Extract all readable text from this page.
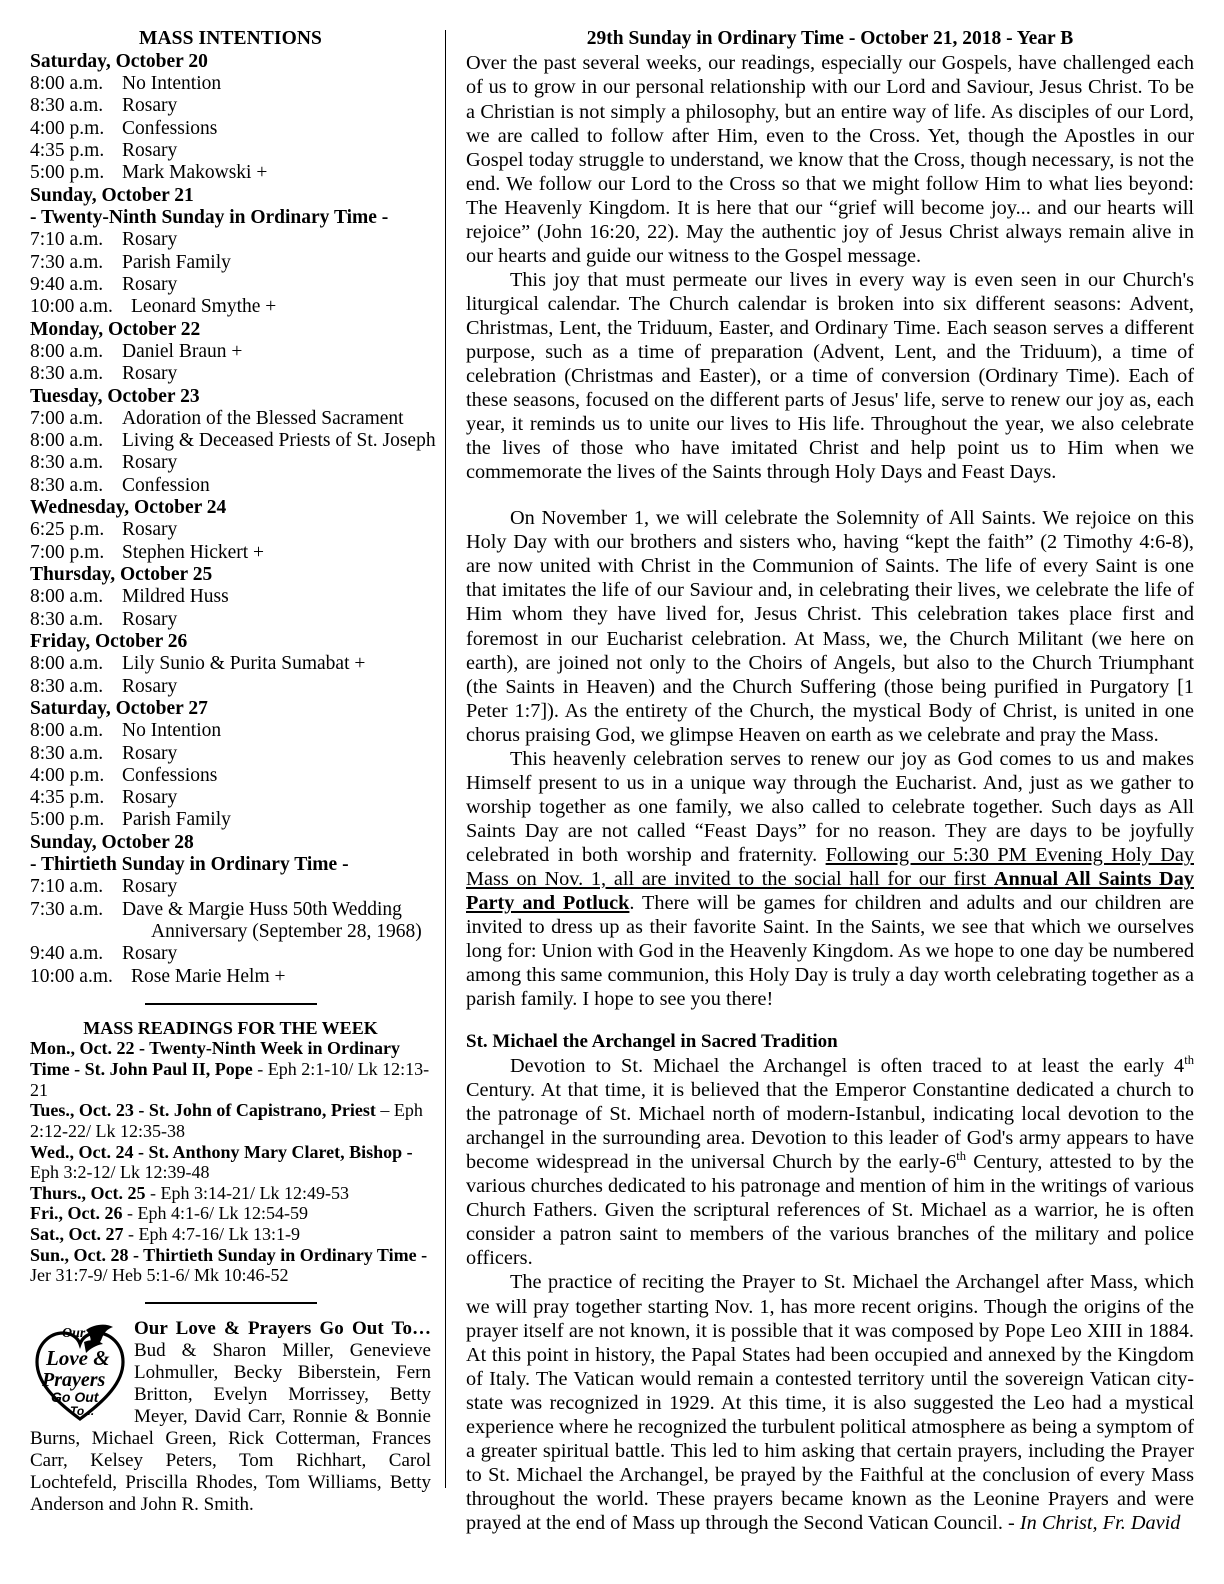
MASS INTENTIONS
Saturday, October 20
8:00 a.m. No Intention
8:30 a.m. Rosary
4:00 p.m. Confessions
4:35 p.m. Rosary
5:00 p.m. Mark Makowski +
Sunday, October 21
- Twenty-Ninth Sunday in Ordinary Time -
7:10 a.m. Rosary
7:30 a.m. Parish Family
9:40 a.m. Rosary
10:00 a.m. Leonard Smythe +
Monday, October 22
8:00 a.m. Daniel Braun +
8:30 a.m. Rosary
Tuesday, October 23
7:00 a.m. Adoration of the Blessed Sacrament
8:00 a.m. Living & Deceased Priests of St. Joseph
8:30 a.m. Rosary
8:30 a.m. Confession
Wednesday, October 24
6:25 p.m. Rosary
7:00 p.m. Stephen Hickert +
Thursday, October 25
8:00 a.m. Mildred Huss
8:30 a.m. Rosary
Friday, October 26
8:00 a.m. Lily Sunio & Purita Sumabat +
8:30 a.m. Rosary
Saturday, October 27
8:00 a.m. No Intention
8:30 a.m. Rosary
4:00 p.m. Confessions
4:35 p.m. Rosary
5:00 p.m. Parish Family
Sunday, October 28
- Thirtieth Sunday in Ordinary Time -
7:10 a.m. Rosary
7:30 a.m. Dave & Margie Huss 50th Wedding
Anniversary (September 28, 1968)
9:40 a.m. Rosary
10:00 a.m. Rose Marie Helm +
MASS READINGS FOR THE WEEK
Mon., Oct. 22 - Twenty-Ninth Week in Ordinary Time - St. John Paul II, Pope - Eph 2:1-10/ Lk 12:13-21
Tues., Oct. 23 - St. John of Capistrano, Priest – Eph 2:12-22/ Lk 12:35-38
Wed., Oct. 24 - St. Anthony Mary Claret, Bishop - Eph 3:2-12/ Lk 12:39-48
Thurs., Oct. 25 - Eph 3:14-21/ Lk 12:49-53
Fri., Oct. 26 - Eph 4:1-6/ Lk 12:54-59
Sat., Oct. 27 - Eph 4:7-16/ Lk 13:1-9
Sun., Oct. 28 - Thirtieth Sunday in Ordinary Time - Jer 31:7-9/ Heb 5:1-6/ Mk 10:46-52
Our
Love &
Prayers
Go Out
To...
Our Love & Prayers Go Out To… Bud & Sharon Miller, Genevieve Lohmuller, Becky Biberstein, Fern Britton, Evelyn Morrissey, Betty Meyer, David Carr, Ronnie & Bonnie Burns, Michael Green, Rick Cotterman, Frances Carr, Kelsey Peters, Tom Richhart, Carol Lochtefeld, Priscilla Rhodes, Tom Williams, Betty Anderson and John R. Smith.
29th Sunday in Ordinary Time - October 21, 2018 - Year B

Over the past several weeks, our readings, especially our Gospels, have challenged each of us to grow in our personal relationship with our Lord and Saviour, Jesus Christ. To be a Christian is not simply a philosophy, but an entire way of life. As disciples of our Lord, we are called to follow after Him, even to the Cross. Yet, though the Apostles in our Gospel today struggle to understand, we know that the Cross, though necessary, is not the end. We follow our Lord to the Cross so that we might follow Him to what lies beyond: The Heavenly Kingdom. It is here that our “grief will become joy... and our hearts will rejoice” (John 16:20, 22). May the authentic joy of Jesus Christ always remain alive in our hearts and guide our witness to the Gospel message.

This joy that must permeate our lives in every way is even seen in our Church's liturgical calendar. The Church calendar is broken into six different seasons: Advent, Christmas, Lent, the Triduum, Easter, and Ordinary Time. Each season serves a different purpose, such as a time of preparation (Advent, Lent, and the Triduum), a time of celebration (Christmas and Easter), or a time of conversion (Ordinary Time). Each of these seasons, focused on the different parts of Jesus' life, serve to renew our joy as, each year, it reminds us to unite our lives to His life. Throughout the year, we also celebrate the lives of those who have imitated Christ and help point us to Him when we commemorate the lives of the Saints through Holy Days and Feast Days.

On November 1, we will celebrate the Solemnity of All Saints. We rejoice on this Holy Day with our brothers and sisters who, having “kept the faith” (2 Timothy 4:6-8), are now united with Christ in the Communion of Saints. The life of every Saint is one that imitates the life of our Saviour and, in celebrating their lives, we celebrate the life of Him whom they have lived for, Jesus Christ. This celebration takes place first and foremost in our Eucharist celebration. At Mass, we, the Church Militant (we here on earth), are joined not only to the Choirs of Angels, but also to the Church Triumphant (the Saints in Heaven) and the Church Suffering (those being purified in Purgatory [1 Peter 1:7]). As the entirety of the Church, the mystical Body of Christ, is united in one chorus praising God, we glimpse Heaven on earth as we celebrate and pray the Mass.

This heavenly celebration serves to renew our joy as God comes to us and makes Himself present to us in a unique way through the Eucharist. And, just as we gather to worship together as one family, we also called to celebrate together. Such days as All Saints Day are not called “Feast Days” for no reason. They are days to be joyfully celebrated in both worship and fraternity. Following our 5:30 PM Evening Holy Day Mass on Nov. 1, all are invited to the social hall for our first Annual All Saints Day Party and Potluck. There will be games for children and adults and our children are invited to dress up as their favorite Saint. In the Saints, we see that which we ourselves long for: Union with God in the Heavenly Kingdom. As we hope to one day be numbered among this same communion, this Holy Day is truly a day worth celebrating together as a parish family. I hope to see you there!

St. Michael the Archangel in Sacred Tradition

Devotion to St. Michael the Archangel is often traced to at least the early 4th Century. At that time, it is believed that the Emperor Constantine dedicated a church to the patronage of St. Michael north of modern-Istanbul, indicating local devotion to the archangel in the surrounding area. Devotion to this leader of God's army appears to have become widespread in the universal Church by the early-6th Century, attested to by the various churches dedicated to his patronage and mention of him in the writings of various Church Fathers. Given the scriptural references of St. Michael as a warrior, he is often consider a patron saint to members of the various branches of the military and police officers.

The practice of reciting the Prayer to St. Michael the Archangel after Mass, which we will pray together starting Nov. 1, has more recent origins. Though the origins of the prayer itself are not known, it is possible that it was composed by Pope Leo XIII in 1884. At this point in history, the Papal States had been occupied and annexed by the Kingdom of Italy. The Vatican would remain a contested territory until the sovereign Vatican city-state was recognized in 1929. At this time, it is also suggested the Leo had a mystical experience where he recognized the turbulent political atmosphere as being a symptom of a greater spiritual battle. This led to him asking that certain prayers, including the Prayer to St. Michael the Archangel, be prayed by the Faithful at the conclusion of every Mass throughout the world. These prayers became known as the Leonine Prayers and were prayed at the end of Mass up through the Second Vatican Council. - In Christ, Fr. David
